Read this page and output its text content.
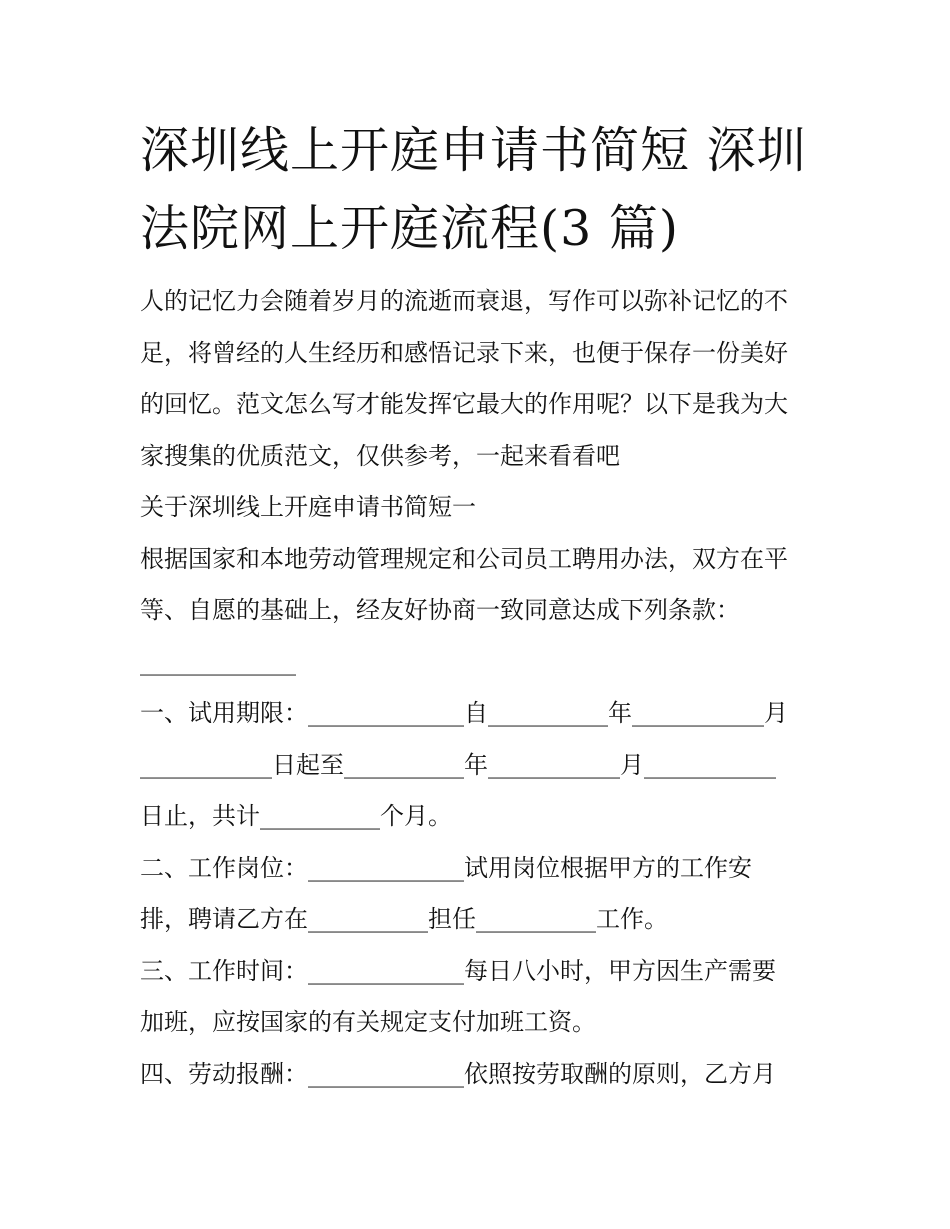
深圳线上开庭申请书简短 深圳
法院网上开庭流程(3 篇)

人的记忆力会随着岁月的流逝而衰退，写作可以弥补记忆的不

足，将曾经的人生经历和感悟记录下来，也便于保存一份美好

的回忆。范文怎么写才能发挥它最大的作用呢？以下是我为大

家搜集的优质范文，仅供参考，一起来看看吧

关于深圳线上开庭申请书简短一

根据国家和本地劳动管理规定和公司员工聘用办法，双方在平

等、自愿的基础上，经友好协商一致同意达成下列条款：

_____________

一、试用期限：_____________自__________年___________月

___________日起至__________年___________月___________

日止，共计__________个月。

二、工作岗位：_____________试用岗位根据甲方的工作安

排，聘请乙方在__________担任__________工作。

三、工作时间：_____________每日八小时，甲方因生产需要

加班，应按国家的有关规定支付加班工资。

四、劳动报酬：_____________依照按劳取酬的原则，乙方月
